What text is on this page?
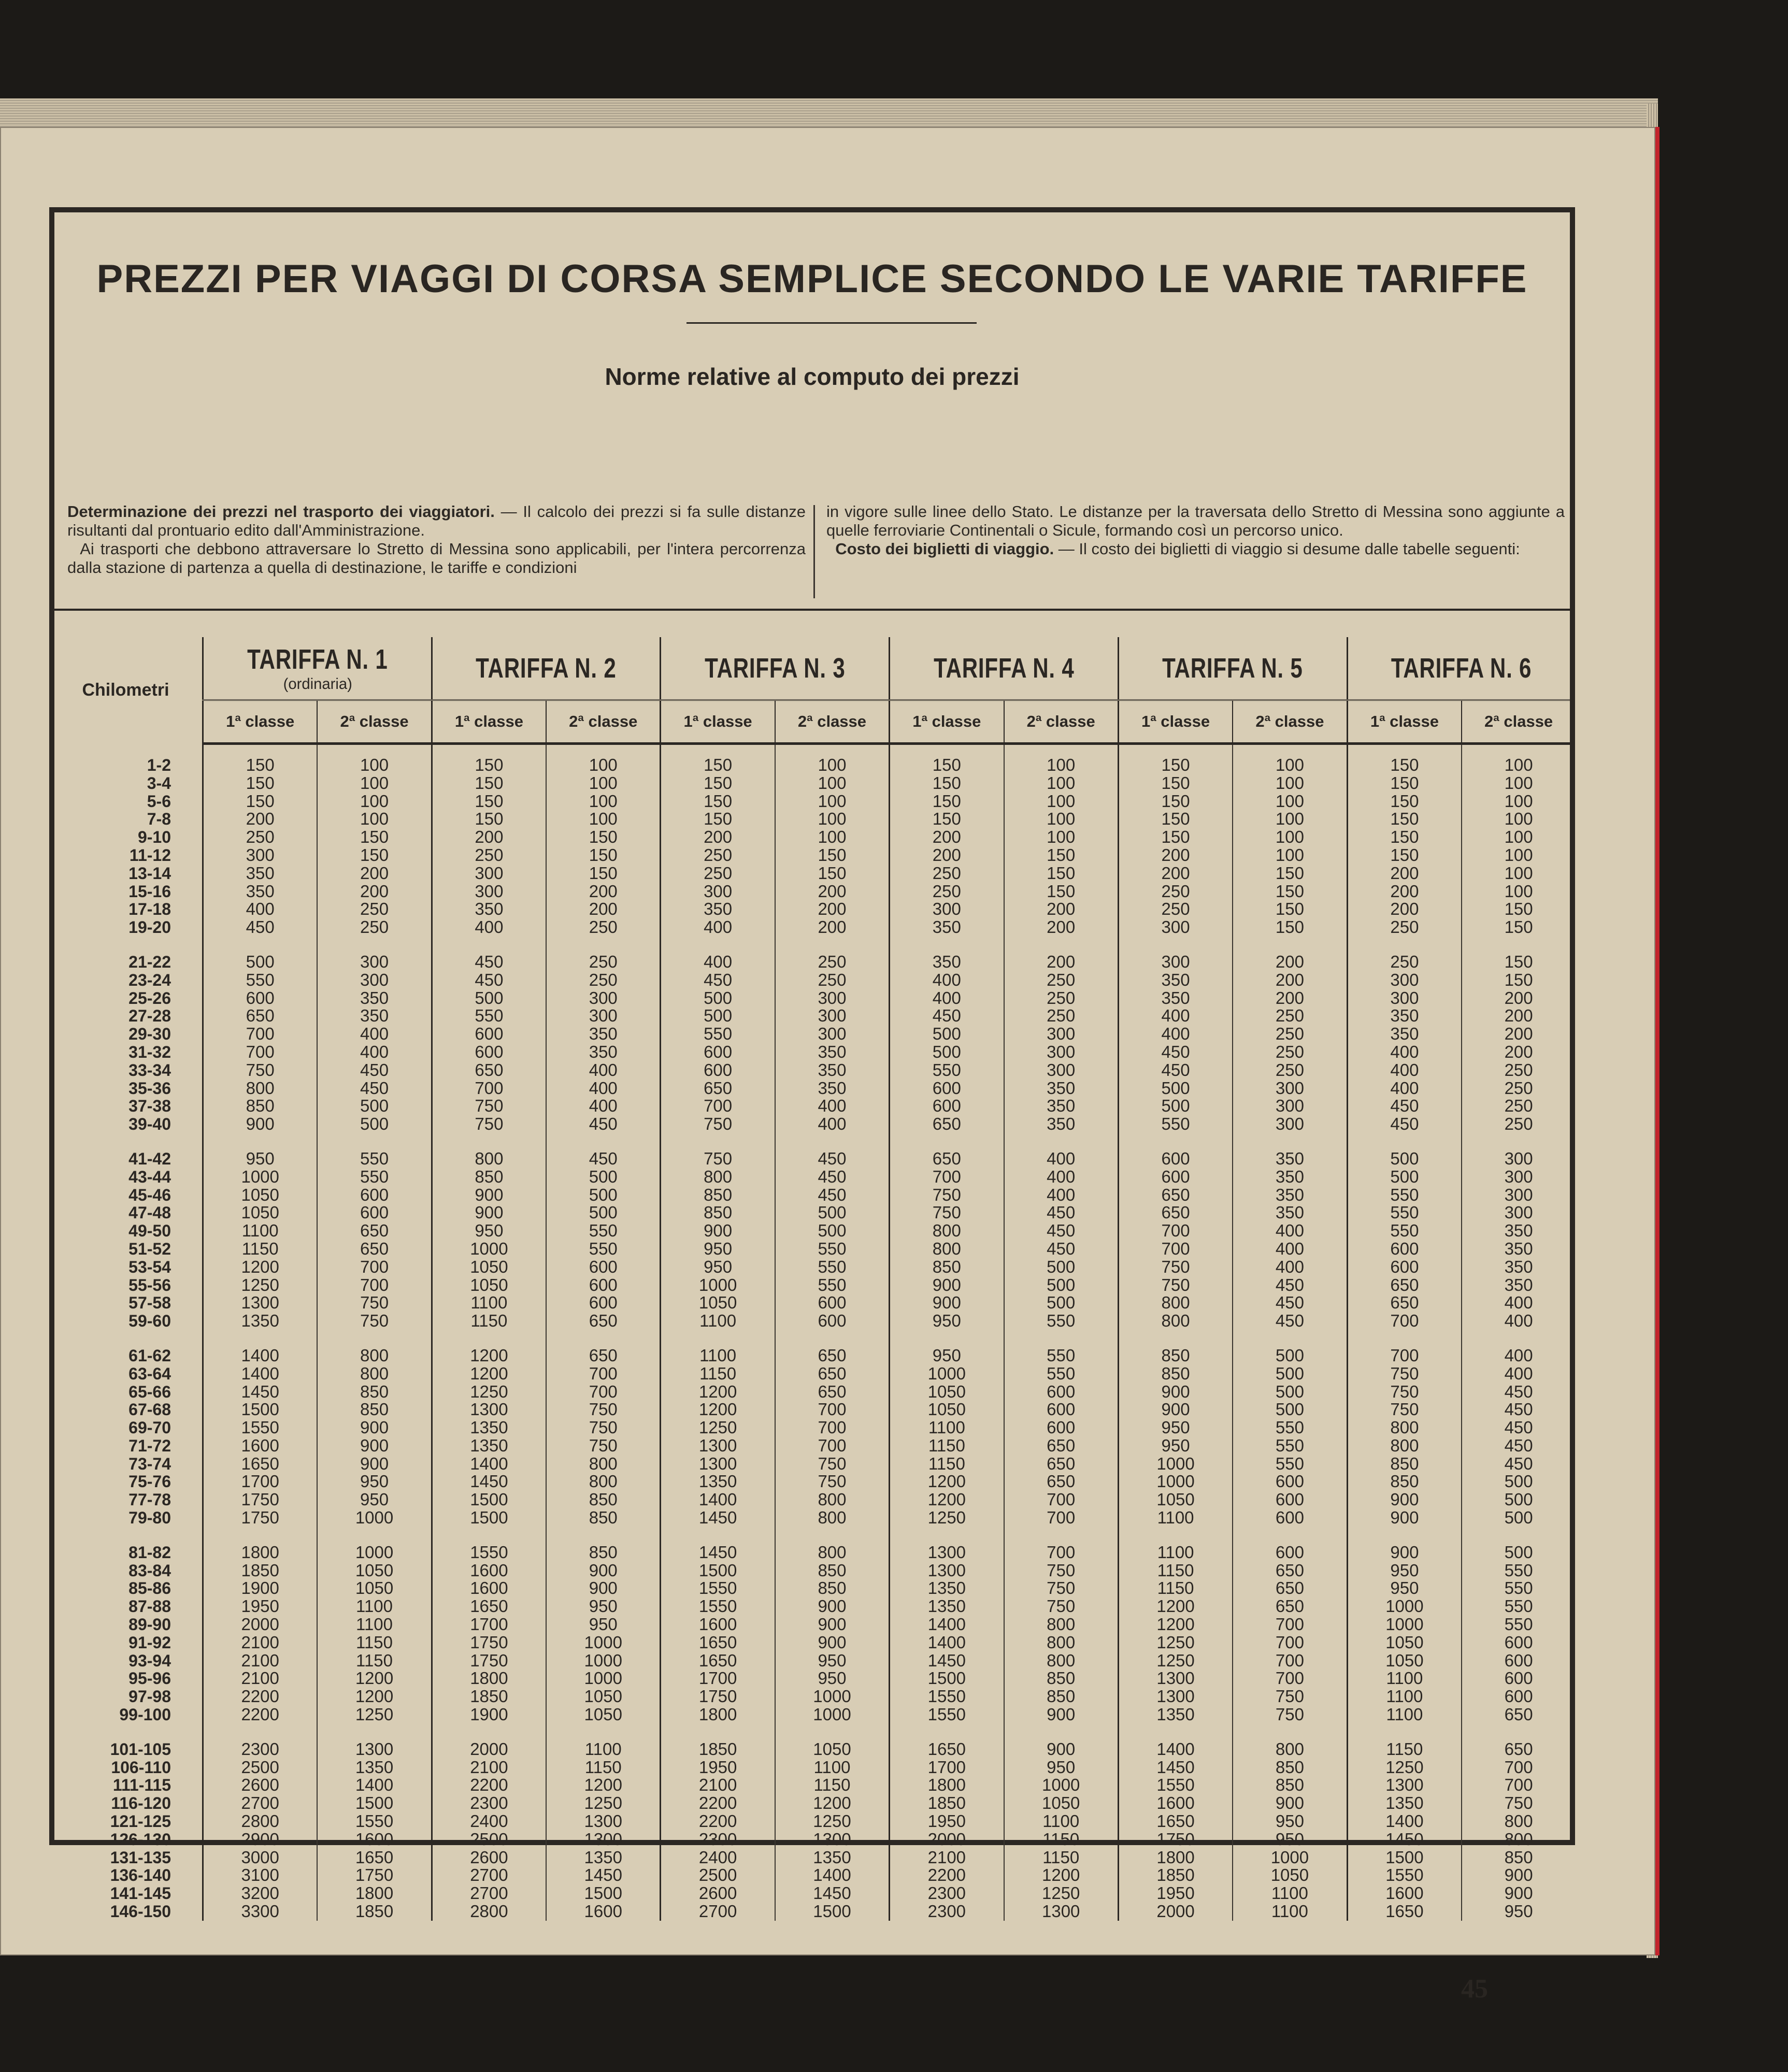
PREZZI PER VIAGGI DI CORSA SEMPLICE SECONDO LE VARIE TARIFFE
Norme relative al computo dei prezzi

Determinazione dei prezzi nel trasporto dei viaggiatori. — Il calcolo dei prezzi si fa sulle distanze risultanti dal prontuario edito dall'Amministrazione.

Ai trasporti che debbono attraversare lo Stretto di Messina sono applicabili, per l'intera percorrenza dalla stazione di partenza a quella di destinazione, le tariffe e condizioni

in vigore sulle linee dello Stato. Le distanze per la traversata dello Stretto di Messina sono aggiunte a quelle ferroviarie Continentali o Sicule, formando così un percorso unico.

Costo dei biglietti di viaggio. — Il costo dei biglietti di viaggio si desume dalle tabelle seguenti:

Chilometri	TARIFFA N. 1
(ordinaria)		TARIFFA N. 2		TARIFFA N. 3		TARIFFA N. 4		TARIFFA N. 5		TARIFFA N. 6	
	1ª classe	2ª classe	1ª classe	2ª classe	1ª classe	2ª classe	1ª classe	2ª classe	1ª classe	2ª classe	1ª classe	2ª classe

1-2	150	100	150	100	150	100	150	100	150	100	150	100
3-4	150	100	150	100	150	100	150	100	150	100	150	100
5-6	150	100	150	100	150	100	150	100	150	100	150	100
7-8	200	100	150	100	150	100	150	100	150	100	150	100
9-10	250	150	200	150	200	100	200	100	150	100	150	100
11-12	300	150	250	150	250	150	200	150	200	100	150	100
13-14	350	200	300	150	250	150	250	150	200	150	200	100
15-16	350	200	300	200	300	200	250	150	250	150	200	100
17-18	400	250	350	200	350	200	300	200	250	150	200	150
19-20	450	250	400	250	400	200	350	200	300	150	250	150

21-22	500	300	450	250	400	250	350	200	300	200	250	150
23-24	550	300	450	250	450	250	400	250	350	200	300	150
25-26	600	350	500	300	500	300	400	250	350	200	300	200
27-28	650	350	550	300	500	300	450	250	400	250	350	200
29-30	700	400	600	350	550	300	500	300	400	250	350	200
31-32	700	400	600	350	600	350	500	300	450	250	400	200
33-34	750	450	650	400	600	350	550	300	450	250	400	250
35-36	800	450	700	400	650	350	600	350	500	300	400	250
37-38	850	500	750	400	700	400	600	350	500	300	450	250
39-40	900	500	750	450	750	400	650	350	550	300	450	250

41-42	950	550	800	450	750	450	650	400	600	350	500	300
43-44	1000	550	850	500	800	450	700	400	600	350	500	300
45-46	1050	600	900	500	850	450	750	400	650	350	550	300
47-48	1050	600	900	500	850	500	750	450	650	350	550	300
49-50	1100	650	950	550	900	500	800	450	700	400	550	350
51-52	1150	650	1000	550	950	550	800	450	700	400	600	350
53-54	1200	700	1050	600	950	550	850	500	750	400	600	350
55-56	1250	700	1050	600	1000	550	900	500	750	450	650	350
57-58	1300	750	1100	600	1050	600	900	500	800	450	650	400
59-60	1350	750	1150	650	1100	600	950	550	800	450	700	400

61-62	1400	800	1200	650	1100	650	950	550	850	500	700	400
63-64	1400	800	1200	700	1150	650	1000	550	850	500	750	400
65-66	1450	850	1250	700	1200	650	1050	600	900	500	750	450
67-68	1500	850	1300	750	1200	700	1050	600	900	500	750	450
69-70	1550	900	1350	750	1250	700	1100	600	950	550	800	450
71-72	1600	900	1350	750	1300	700	1150	650	950	550	800	450
73-74	1650	900	1400	800	1300	750	1150	650	1000	550	850	450
75-76	1700	950	1450	800	1350	750	1200	650	1000	600	850	500
77-78	1750	950	1500	850	1400	800	1200	700	1050	600	900	500
79-80	1750	1000	1500	850	1450	800	1250	700	1100	600	900	500

81-82	1800	1000	1550	850	1450	800	1300	700	1100	600	900	500
83-84	1850	1050	1600	900	1500	850	1300	750	1150	650	950	550
85-86	1900	1050	1600	900	1550	850	1350	750	1150	650	950	550
87-88	1950	1100	1650	950	1550	900	1350	750	1200	650	1000	550
89-90	2000	1100	1700	950	1600	900	1400	800	1200	700	1000	550
91-92	2100	1150	1750	1000	1650	900	1400	800	1250	700	1050	600
93-94	2100	1150	1750	1000	1650	950	1450	800	1250	700	1050	600
95-96	2100	1200	1800	1000	1700	950	1500	850	1300	700	1100	600
97-98	2200	1200	1850	1050	1750	1000	1550	850	1300	750	1100	600
99-100	2200	1250	1900	1050	1800	1000	1550	900	1350	750	1100	650

101-105	2300	1300	2000	1100	1850	1050	1650	900	1400	800	1150	650
106-110	2500	1350	2100	1150	1950	1100	1700	950	1450	850	1250	700
111-115	2600	1400	2200	1200	2100	1150	1800	1000	1550	850	1300	700
116-120	2700	1500	2300	1250	2200	1200	1850	1050	1600	900	1350	750
121-125	2800	1550	2400	1300	2200	1250	1950	1100	1650	950	1400	800
126-130	2900	1600	2500	1300	2300	1300	2000	1150	1750	950	1450	800
131-135	3000	1650	2600	1350	2400	1350	2100	1150	1800	1000	1500	850
136-140	3100	1750	2700	1450	2500	1400	2200	1200	1850	1050	1550	900
141-145	3200	1800	2700	1500	2600	1450	2300	1250	1950	1100	1600	900
146-150	3300	1850	2800	1600	2700	1500	2300	1300	2000	1100	1650	950
45
